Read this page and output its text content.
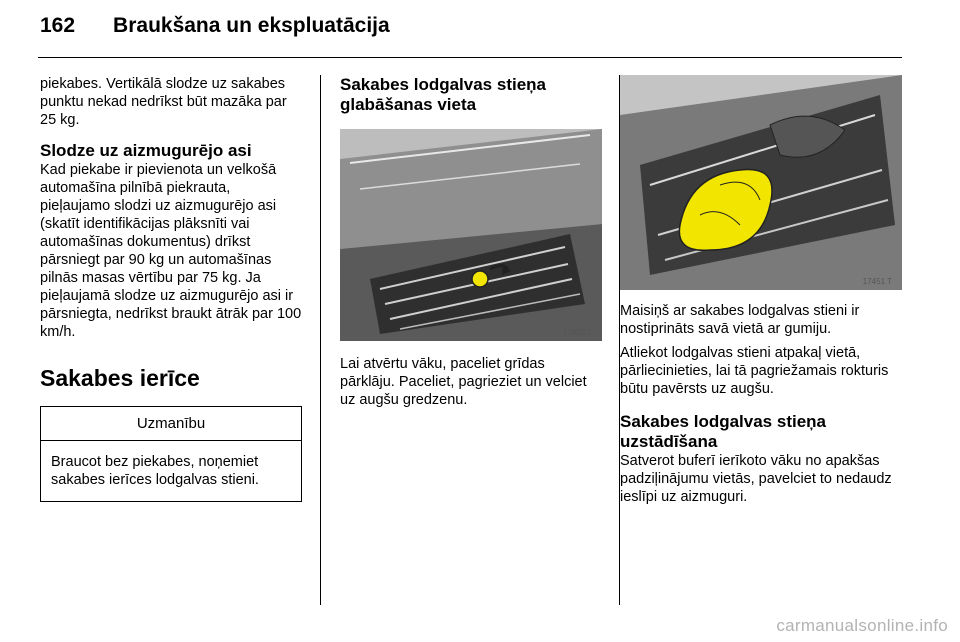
162 Braukšana un ekspluatācija

piekabes. Vertikālā slodze uz sakabes punktu nekad nedrīkst būt mazāka par 25 kg.

Slodze uz aizmugurējo asi

Kad piekabe ir pievienota un velkošā automašīna pilnībā piekrauta, pieļaujamo slodzi uz aizmugurējo asi (skatīt identifikācijas plāksnīti vai automašīnas dokumentus) drīkst pārsniegt par 90 kg un automašīnas pilnās masas vērtību par 75 kg. Ja pieļaujamā slodze uz aizmugurējo asi ir pārsniegta, nedrīkst braukt ātrāk par 100 km/h.

Sakabes ierīce
Uzmanību
Braucot bez piekabes, noņemiet sakabes ierīces lodgalvas stieni.
Sakabes lodgalvas stieņa glabāšanas vieta
17452 T

Lai atvērtu vāku, paceliet grīdas pārklāju. Paceliet, pagrieziet un velciet uz augšu gredzenu.

17451 T

Maisiņš ar sakabes lodgalvas stieni ir nostiprināts savā vietā ar gumiju.

Atliekot lodgalvas stieni atpakaļ vietā, pārliecinieties, lai tā pagriežamais rokturis būtu pavērsts uz augšu.

Sakabes lodgalvas stieņa uzstādīšana

Satverot buferī ierīkoto vāku no apakšas padziļinājumu vietās, pavelciet to nedaudz ieslīpi uz aizmuguri.

carmanualsonline.info
